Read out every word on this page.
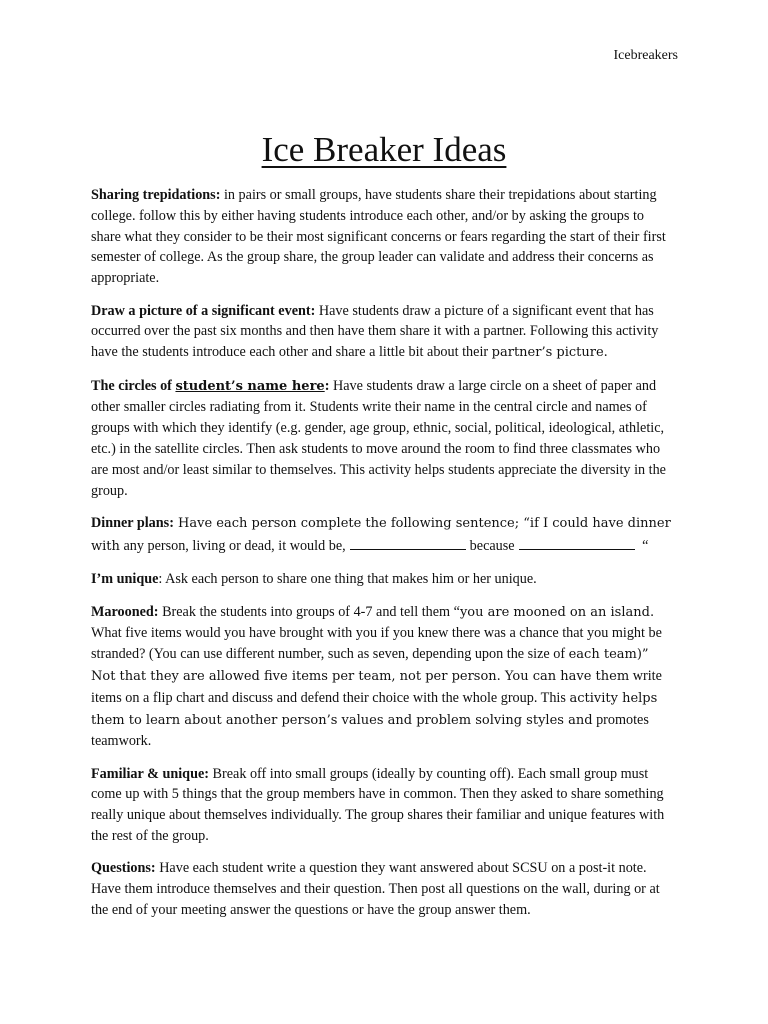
Icebreakers

Ice Breaker Ideas

Sharing trepidations: in pairs or small groups, have students share their trepidations about starting college. follow this by either having students introduce each other, and/or by asking the groups to share what they consider to be their most significant concerns or fears regarding the start of their first semester of college. As the group share, the group leader can validate and address their concerns as appropriate.

Draw a picture of a significant event: Have students draw a picture of a significant event that has occurred over the past six months and then have them share it with a partner. Following this activity have the students introduce each other and share a little bit about their partner’s picture.

The circles of student’s name here: Have students draw a large circle on a sheet of paper and other smaller circles radiating from it. Students write their name in the central circle and names of groups with which they identify (e.g. gender, age group, ethnic, social, political, ideological, athletic, etc.) in the satellite circles. Then ask students to move around the room to find three classmates who are most and/or least similar to themselves. This activity helps students appreciate the diversity in the group.

Dinner plans: Have each person complete the following sentence; “if I could have dinner with any person, living or dead, it would be,	because	“

I’m unique: Ask each person to share one thing that makes him or her unique.

Marooned: Break the students into groups of 4-7 and tell them “you are mooned on an island. What five items would you have brought with you if you knew there was a chance that you might be stranded? (You can use different number, such as seven, depending upon the size of each team)” Not that they are allowed five items per team, not per person. You can have them write items on a flip chart and discuss and defend their choice with the whole group. This activity helps them to learn about another person’s values and problem solving styles and promotes teamwork.

Familiar & unique: Break off into small groups (ideally by counting off). Each small group must come up with 5 things that the group members have in common. Then they asked to share something really unique about themselves individually. The group shares their familiar and unique features with the rest of the group.

Questions: Have each student write a question they want answered about SCSU on a post-it note. Have them introduce themselves and their question. Then post all questions on the wall, during or at the end of your meeting answer the questions or have the group answer them.
